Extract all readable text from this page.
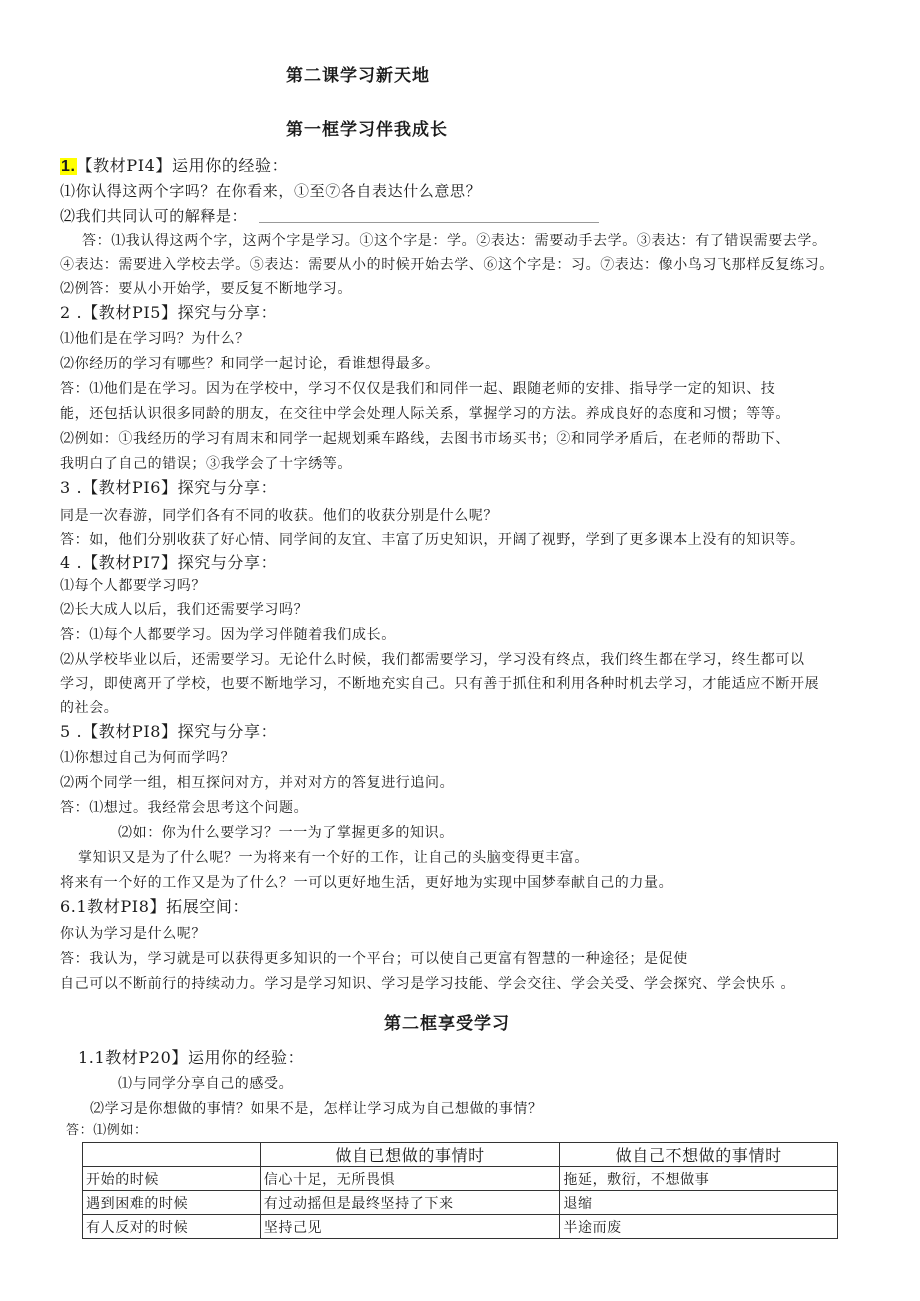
第二课学习新天地
第一框学习伴我成长
1.【教材PI4】运用你的经验：
⑴你认得这两个字吗？在你看来，①至⑦各自表达什么意思？
⑵我们共同认可的解释是：
答：⑴我认得这两个字，这两个字是学习。①这个字是：学。②表达：需要动手去学。③表达：有了错误需要去学。
④表达：需要进入学校去学。⑤表达：需要从小的时候开始去学、⑥这个字是：习。⑦表达：像小鸟习飞那样反复练习。
⑵例答：要从小开始学，要反复不断地学习。
2 .【教材PI5】探究与分享：
⑴他们是在学习吗？为什么？
⑵你经历的学习有哪些？和同学一起讨论，看谁想得最多。
答：⑴他们是在学习。因为在学校中，学习不仅仅是我们和同伴一起、跟随老师的安排、指导学一定的知识、技
能，还包括认识很多同龄的朋友，在交往中学会处理人际关系，掌握学习的方法。养成良好的态度和习惯；等等。
⑵例如：①我经历的学习有周末和同学一起规划乘车路线，去图书市场买书；②和同学矛盾后，在老师的帮助下、
我明白了自己的错误；③我学会了十字绣等。
3 .【教材PI6】探究与分享：
同是一次春游，同学们各有不同的收获。他们的收获分别是什么呢？
答：如，他们分别收获了好心情、同学间的友宜、丰富了历史知识，开阔了视野，学到了更多课本上没有的知识等。
4 .【教材PI7】探究与分享：
⑴每个人都要学习吗？
⑵长大成人以后，我们还需要学习吗？
答：⑴每个人都要学习。因为学习伴随着我们成长。
⑵从学校毕业以后，还需要学习。无论什么时候，我们都需要学习，学习没有终点，我们终生都在学习，终生都可以
学习，即使离开了学校，也要不断地学习，不断地充实自己。只有善于抓住和利用各种时机去学习，才能适应不断开展
的社会。
5 .【教材PI8】探究与分享：
⑴你想过自己为何而学吗？
⑵两个同学一组，相互探问对方，并对对方的答复进行追问。
答：⑴想过。我经常会思考这个问题。
⑵如：你为什么要学习？一一为了掌握更多的知识。
掌知识又是为了什么呢？一为将来有一个好的工作，让自己的头脑变得更丰富。
将来有一个好的工作又是为了什么？一可以更好地生活，更好地为实现中国梦奉献自己的力量。
6.1教材PI8】拓展空间：
你认为学习是什么呢？
答：我认为，学习就是可以获得更多知识的一个平台；可以使自己更富有智慧的一种途径；是促使
自己可以不断前行的持续动力。学习是学习知识、学习是学习技能、学会交往、学会关受、学会探究、学会快乐 。
第二框享受学习
1.1教材P20】运用你的经验：
⑴与同学分享自己的感受。
⑵学习是你想做的事情？如果不是，怎样让学习成为自己想做的事情？
答：⑴例如：
	做自已想做的事情时	做自己不想做的事情时
开始的时候	信心十足，无所畏惧	拖延，敷衍，不想做事
遇到困难的时候	有过动摇但是最终坚持了下来	退缩
有人反对的时候	坚持己见	半途而废
